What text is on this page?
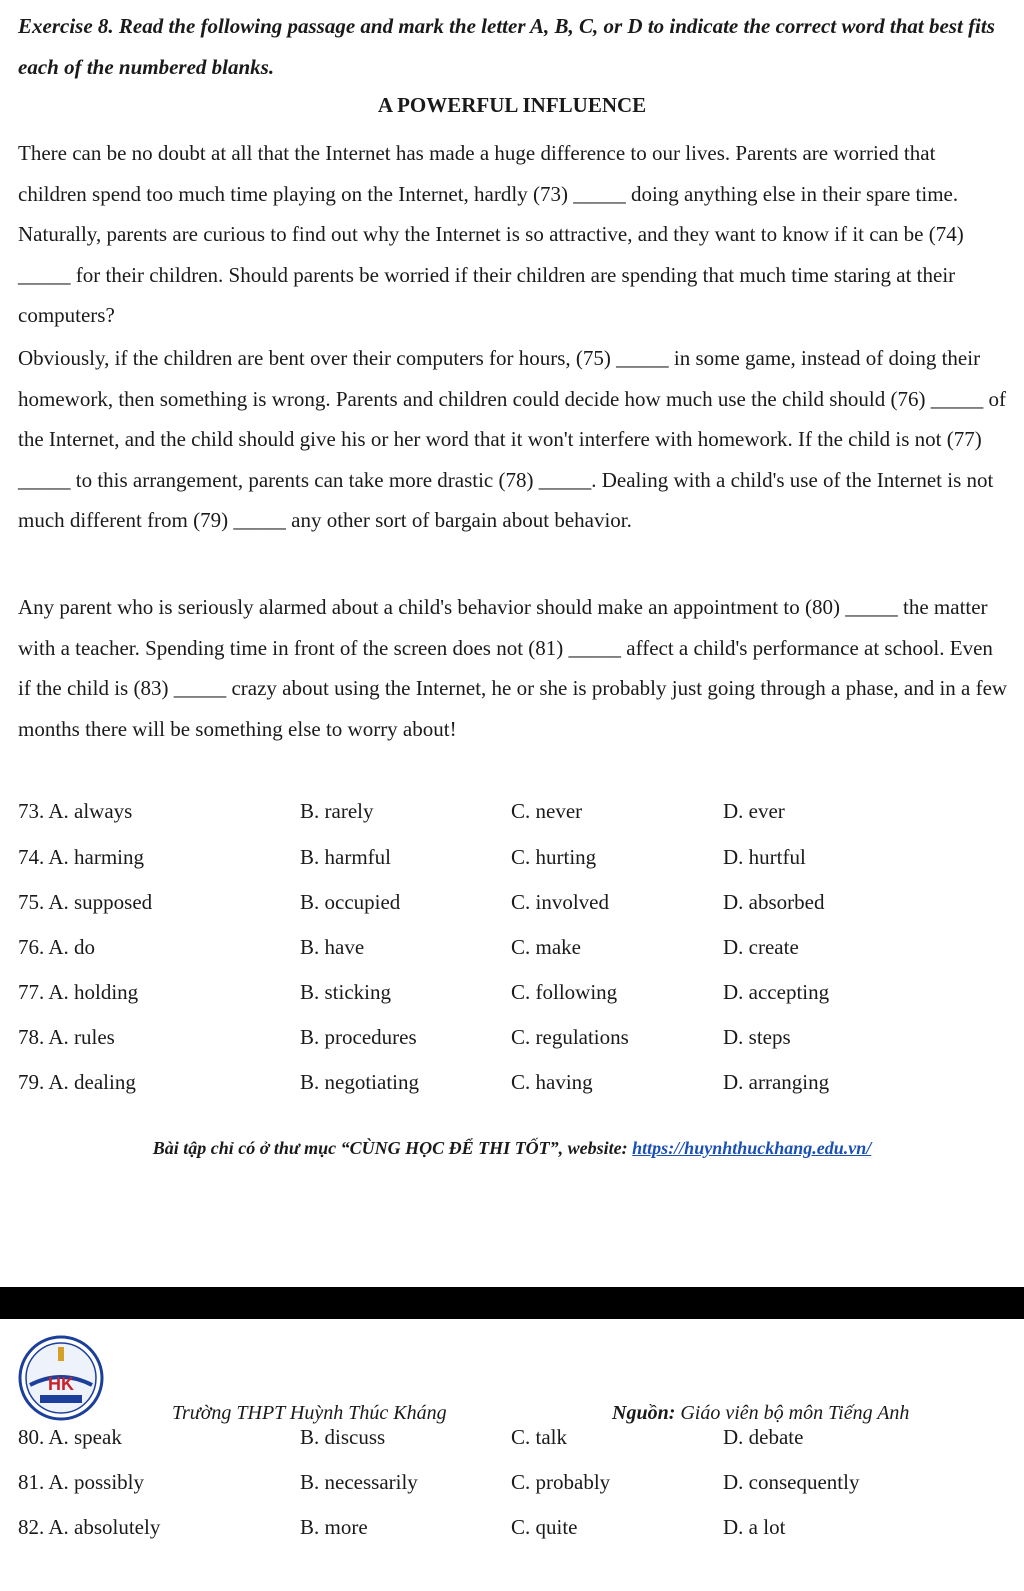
Exercise 8. Read the following passage and mark the letter A, B, C, or D to indicate the correct word that best fits each of the numbered blanks.
A POWERFUL INFLUENCE

There can be no doubt at all that the Internet has made a huge difference to our lives. Parents are worried that children spend too much time playing on the Internet, hardly (73) _____ doing anything else in their spare time. Naturally, parents are curious to find out why the Internet is so attractive, and they want to know if it can be (74) _____ for their children. Should parents be worried if their children are spending that much time staring at their computers?

Obviously, if the children are bent over their computers for hours, (75) _____ in some game, instead of doing their homework, then something is wrong. Parents and children could decide how much use the child should (76) _____ of the Internet, and the child should give his or her word that it won't interfere with homework. If the child is not (77) _____ to this arrangement, parents can take more drastic (78) _____. Dealing with a child's use of the Internet is not much different from (79) _____ any other sort of bargain about behavior.

Any parent who is seriously alarmed about a child's behavior should make an appointment to (80) _____ the matter with a teacher. Spending time in front of the screen does not (81) _____ affect a child's performance at school. Even if the child is (83) _____ crazy about using the Internet, he or she is probably just going through a phase, and in a few months there will be something else to worry about!

73. A. always	B. rarely	C. never	D. ever
74. A. harming	B. harmful	C. hurting	D. hurtful
75. A. supposed	B. occupied	C. involved	D. absorbed
76. A. do	B. have	C. make	D. create
77. A. holding	B. sticking	C. following	D. accepting
78. A. rules	B. procedures	C. regulations	D. steps
79. A. dealing	B. negotiating	C. having	D. arranging
Bài tập chỉ có ở thư mục “CÙNG HỌC ĐỂ THI TỐT”, website: https://huynhthuckhang.edu.vn/
HK
Trường THPT Huỳnh Thúc Kháng	Nguồn: Giáo viên bộ môn Tiếng Anh
80. A. speak	B. discuss	C. talk	D. debate
81. A. possibly	B. necessarily	C. probably	D. consequently
82. A. absolutely	B. more	C. quite	D. a lot
